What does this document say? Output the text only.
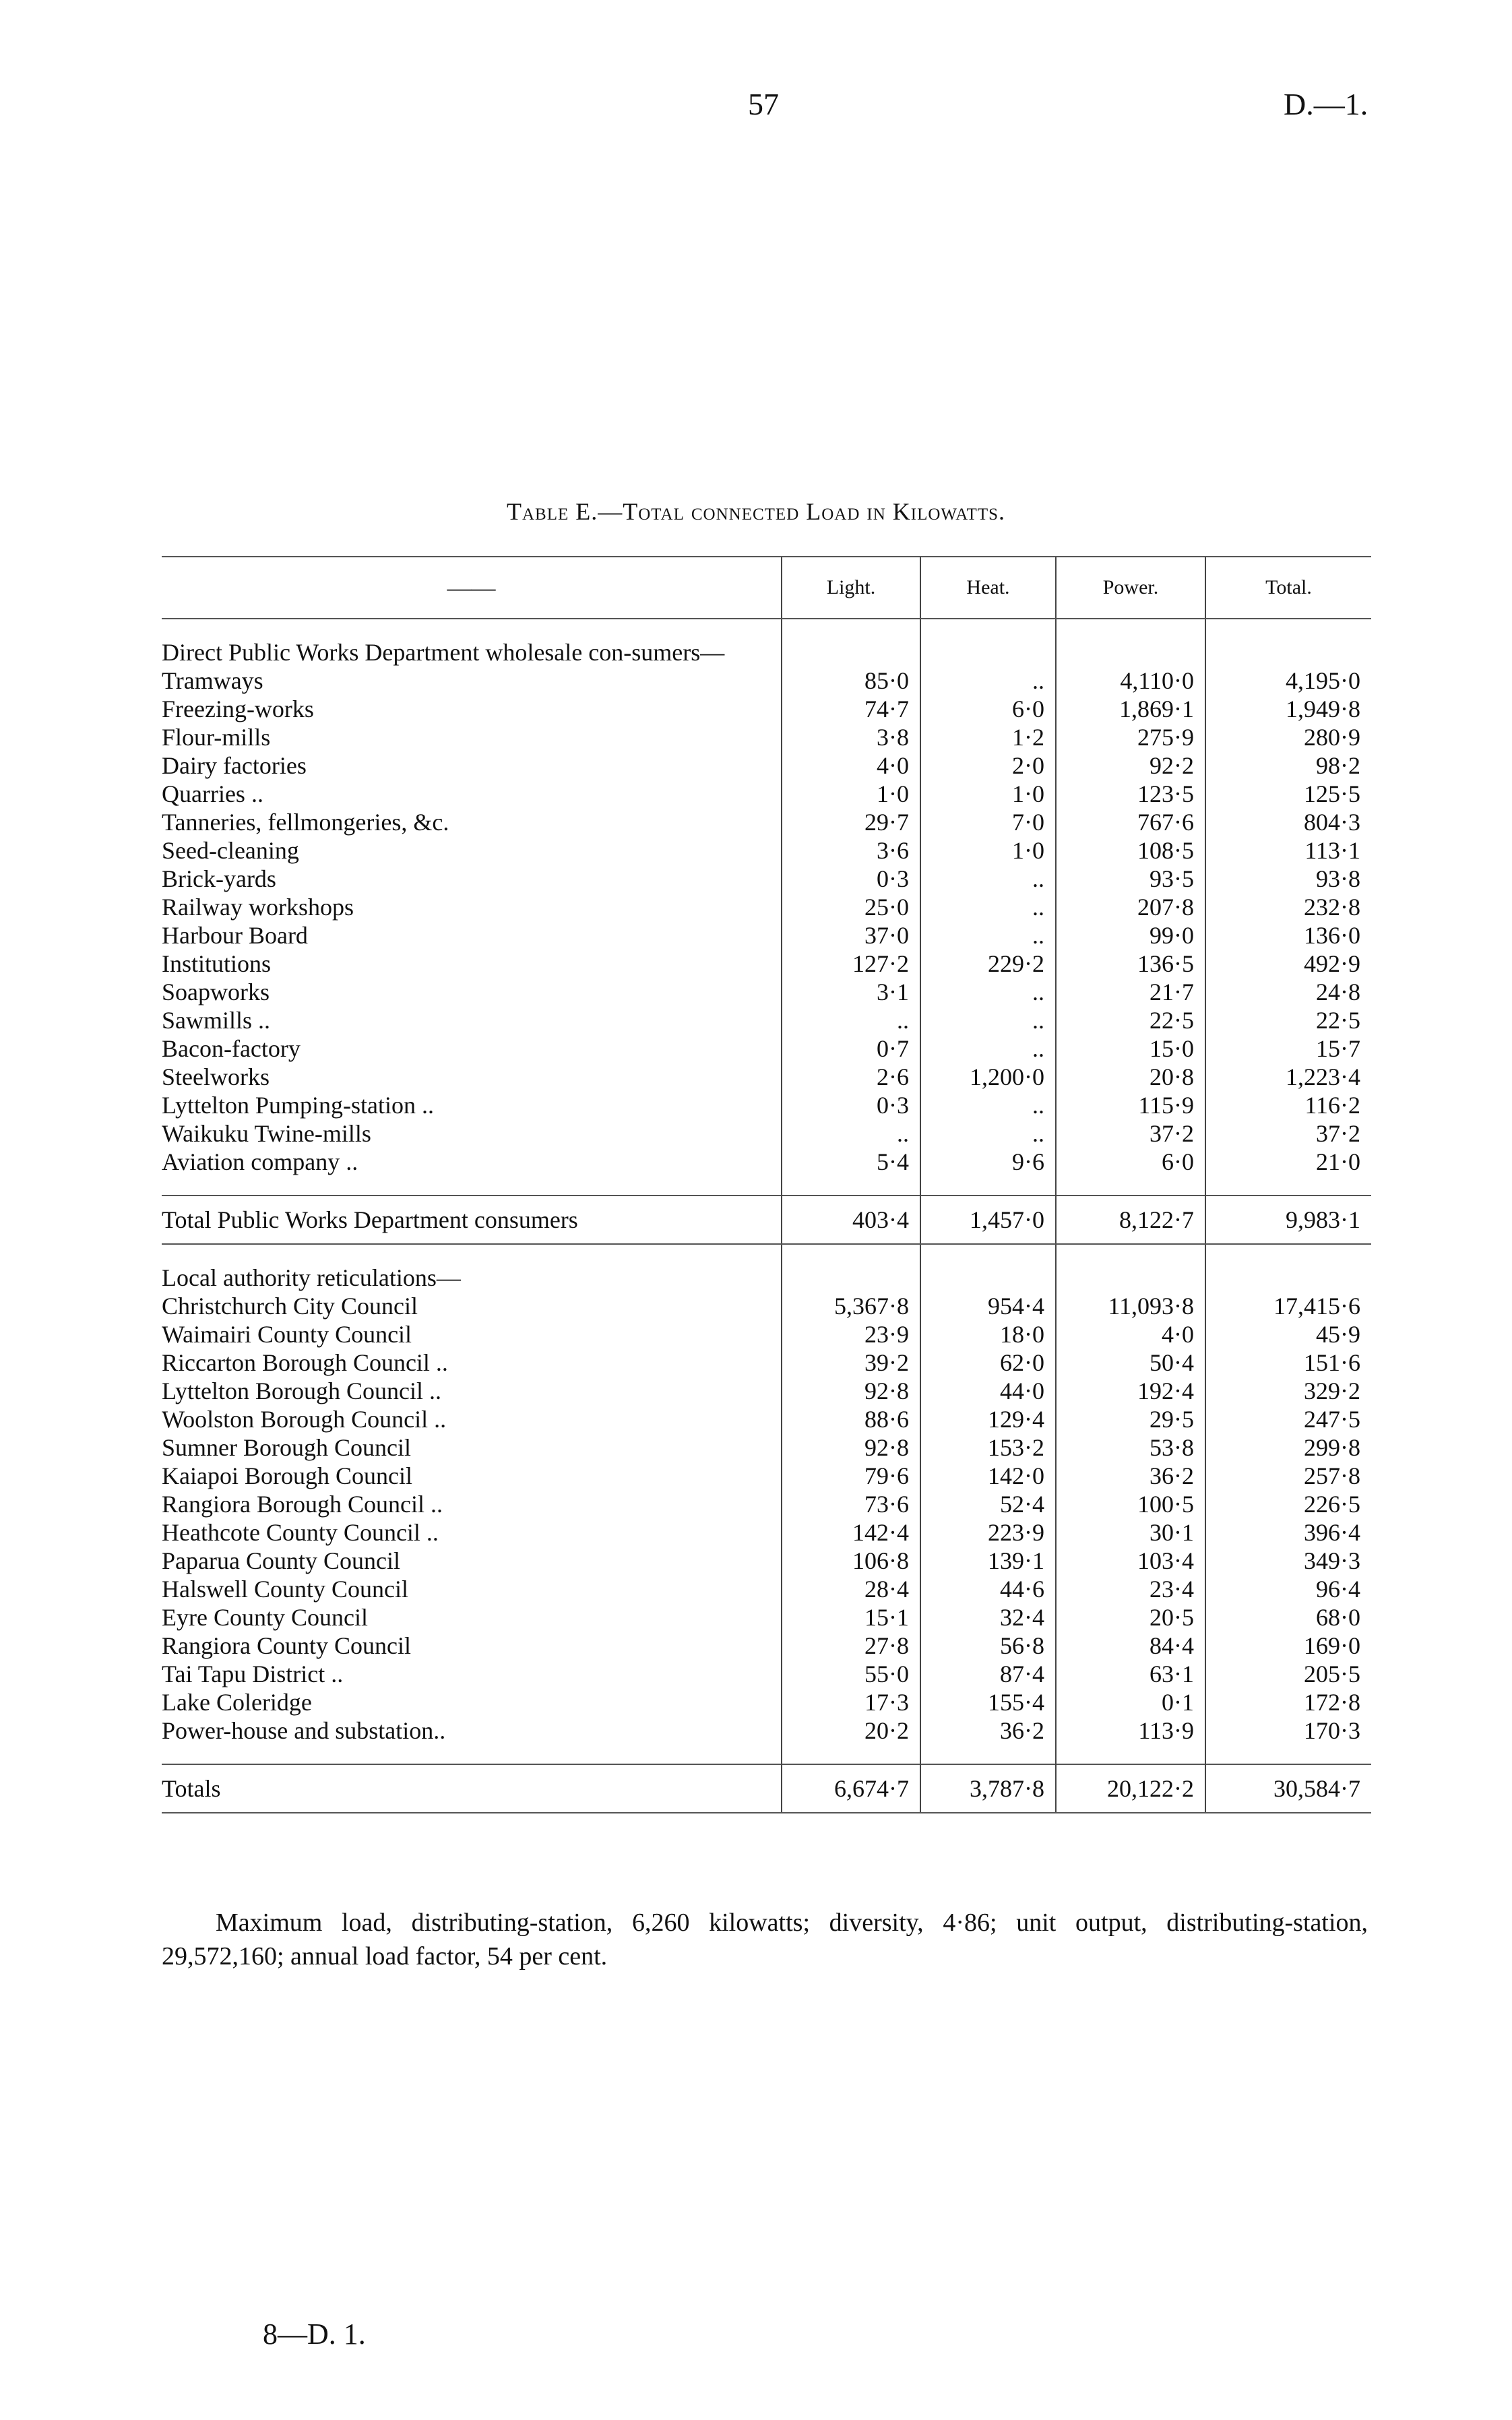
57	D.—1.
Table E.—Total connected Load in Kilowatts.
——	Light.	Heat.	Power.	Total.

Direct Public Works Department wholesale con-sumers—				
Tramways	85·0	..	4,110·0	4,195·0
Freezing-works	74·7	6·0	1,869·1	1,949·8
Flour-mills	3·8	1·2	275·9	280·9
Dairy factories	4·0	2·0	92·2	98·2
Quarries ..	1·0	1·0	123·5	125·5
Tanneries, fellmongeries, &c.	29·7	7·0	767·6	804·3
Seed-cleaning	3·6	1·0	108·5	113·1
Brick-yards	0·3	..	93·5	93·8
Railway workshops	25·0	..	207·8	232·8
Harbour Board	37·0	..	99·0	136·0
Institutions	127·2	229·2	136·5	492·9
Soapworks	3·1	..	21·7	24·8
Sawmills ..	..	..	22·5	22·5
Bacon-factory	0·7	..	15·0	15·7
Steelworks	2·6	1,200·0	20·8	1,223·4
Lyttelton Pumping-station ..	0·3	..	115·9	116·2
Waikuku Twine-mills	..	..	37·2	37·2
Aviation company ..	5·4	9·6	6·0	21·0

Total Public Works Department consumers	403·4	1,457·0	8,122·7	9,983·1

Local authority reticulations—				
Christchurch City Council	5,367·8	954·4	11,093·8	17,415·6
Waimairi County Council	23·9	18·0	4·0	45·9
Riccarton Borough Council ..	39·2	62·0	50·4	151·6
Lyttelton Borough Council ..	92·8	44·0	192·4	329·2
Woolston Borough Council ..	88·6	129·4	29·5	247·5
Sumner Borough Council	92·8	153·2	53·8	299·8
Kaiapoi Borough Council	79·6	142·0	36·2	257·8
Rangiora Borough Council ..	73·6	52·4	100·5	226·5
Heathcote County Council ..	142·4	223·9	30·1	396·4
Paparua County Council	106·8	139·1	103·4	349·3
Halswell County Council	28·4	44·6	23·4	96·4
Eyre County Council	15·1	32·4	20·5	68·0
Rangiora County Council	27·8	56·8	84·4	169·0
Tai Tapu District ..	55·0	87·4	63·1	205·5
Lake Coleridge	17·3	155·4	0·1	172·8
Power-house and substation..	20·2	36·2	113·9	170·3

Totals	6,674·7	3,787·8	20,122·2	30,584·7
Maximum load, distributing-station, 6,260 kilowatts; diversity, 4·86; unit output, distributing-station, 29,572,160; annual load factor, 54 per cent.
8—D. 1.
